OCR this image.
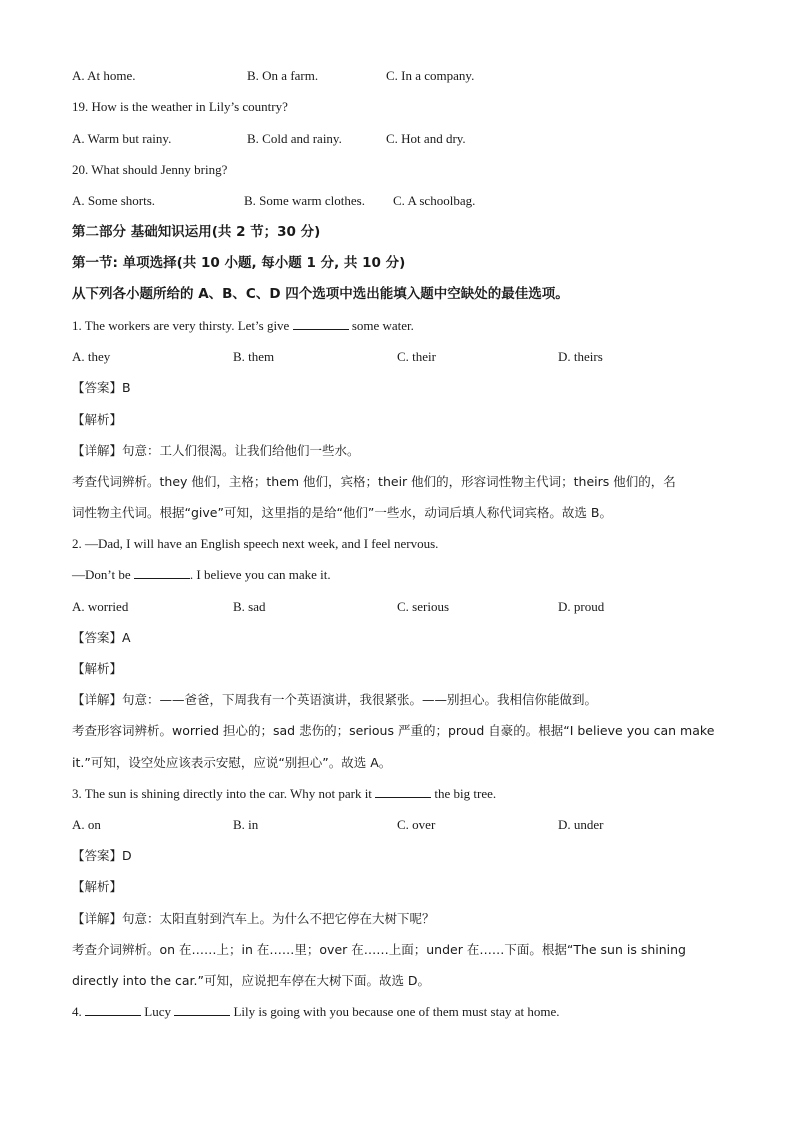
A. At home.	B. On a farm.	C. In a company.
19. How is the weather in Lily’s country?
A. Warm but rainy.	B. Cold and rainy.	C. Hot and dry.
20. What should Jenny bring?
A. Some shorts.	B. Some warm clothes. C. A schoolbag.
第二部分 基础知识运用(共 2 节；30 分)
第一节: 单项选择(共 10 小题, 每小题 1 分, 共 10 分)
从下列各小题所给的 A、B、C、D 四个选项中选出能填入题中空缺处的最佳选项。
1. The workers are very thirsty. Let’s give	some water.
A. they	B. them	C. their	D. theirs
【答案】B
【解析】
【详解】句意：工人们很渴。让我们给他们一些水。
考查代词辨析。they 他们，主格；them 他们，宾格；their 他们的，形容词性物主代词；theirs 他们的，名
词性物主代词。根据“give”可知，这里指的是给“他们”一些水，动词后填人称代词宾格。故选 B。
2. —Dad, I will have an English speech next week, and I feel nervous.
—Don’t be	. I believe you can make it.
A. worried	B. sad	C. serious	D. proud
【答案】A
【解析】
【详解】句意：——爸爸，下周我有一个英语演讲，我很紧张。——别担心。我相信你能做到。
考查形容词辨析。worried 担心的；sad 悲伤的；serious 严重的；proud 自豪的。根据“I believe you can make
it.”可知，设空处应该表示安慰，应说“别担心”。故选 A。
3. The sun is shining directly into the car. Why not park it	the big tree.
A. on	B. in	C. over	D. under
【答案】D
【解析】
【详解】句意：太阳直射到汽车上。为什么不把它停在大树下呢？
考查介词辨析。on 在……上；in 在……里；over 在……上面；under 在……下面。根据“The sun is shining
directly into the car.”可知，应说把车停在大树下面。故选 D。
4.	Lucy	Lily is going with you because one of them must stay at home.
